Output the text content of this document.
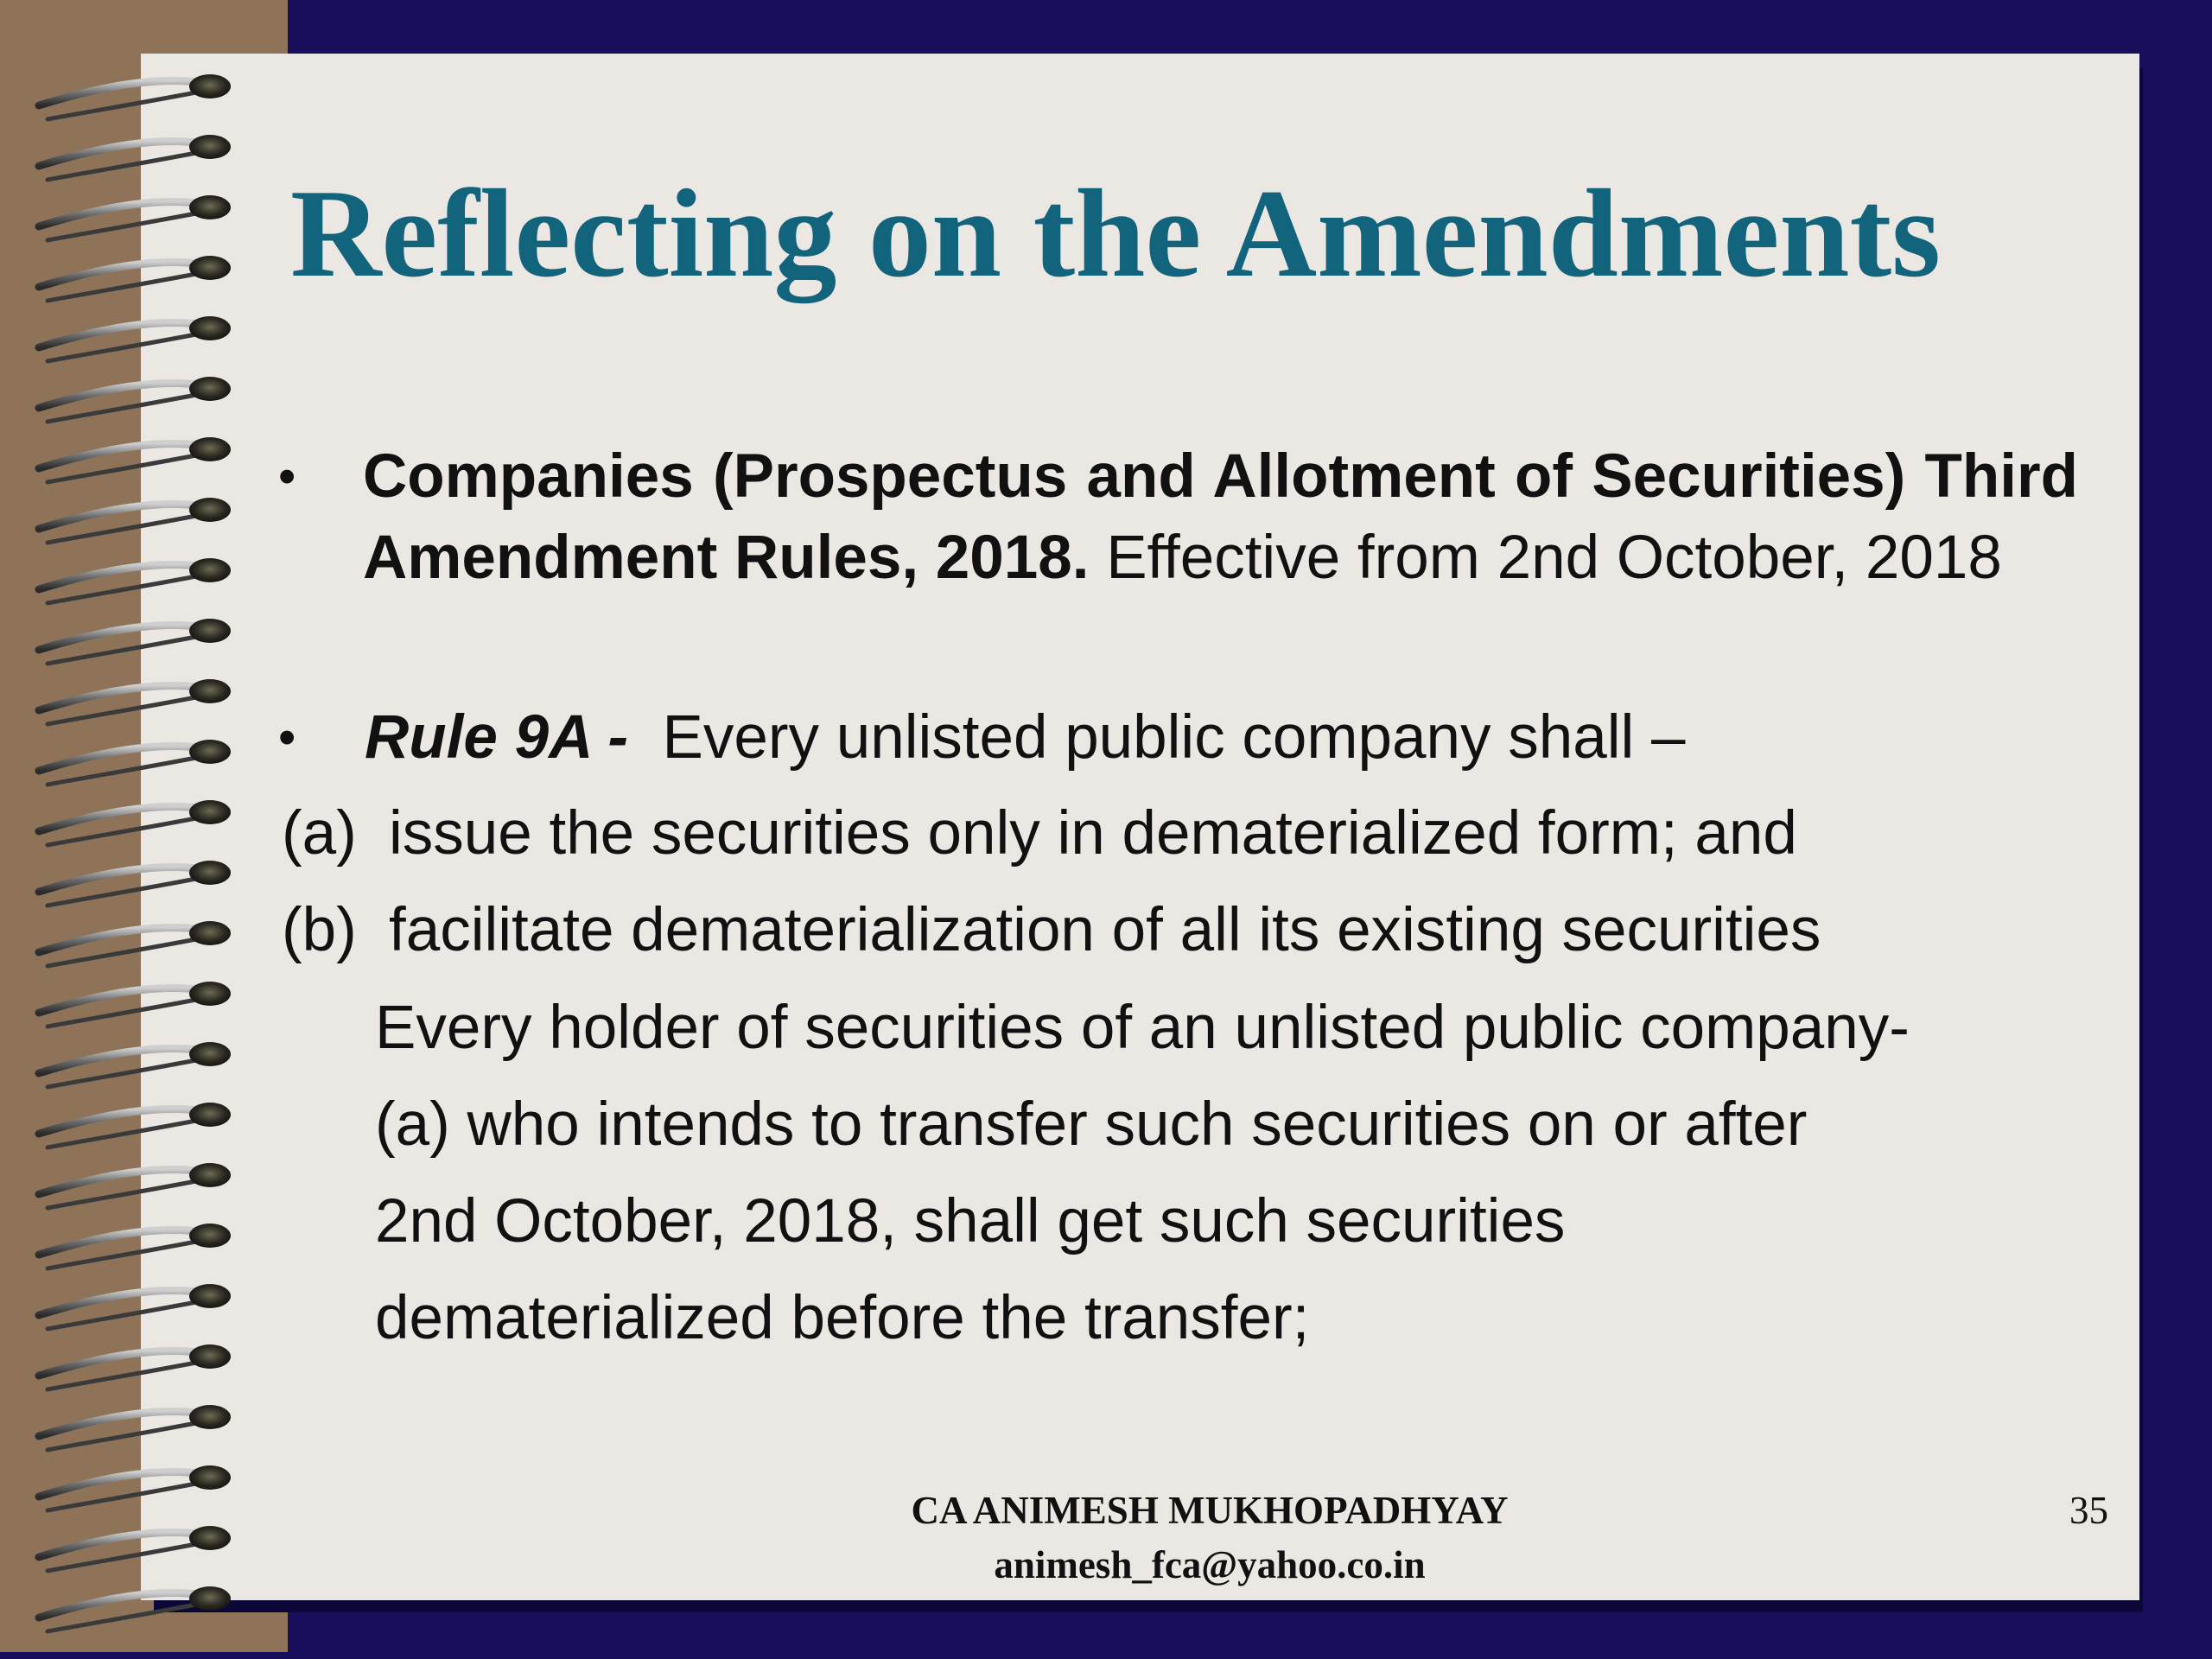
Reflecting on the Amendments
• Companies (Prospectus and Allotment of Securities) Third Amendment Rules, 2018. Effective from 2nd October, 2018
• Rule 9A - Every unlisted public company shall –
(a) issue the securities only in dematerialized form; and
(b) facilitate dematerialization of all its existing securities
Every holder of securities of an unlisted public company-
(a) who intends to transfer such securities on or after
2nd October, 2018, shall get such securities
dematerialized before the transfer;
CA ANIMESH MUKHOPADHYAY
animesh_fca@yahoo.co.in
35
